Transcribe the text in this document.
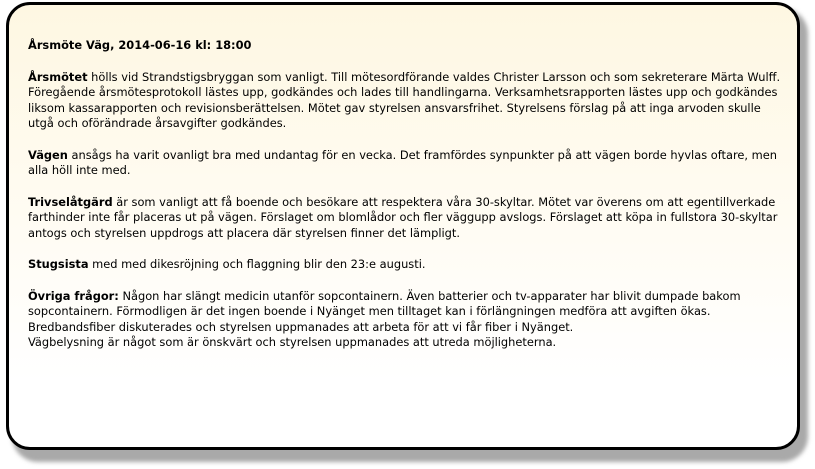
Årsmöte Väg, 2014-06-16 kl: 18:00

Årsmötet hölls vid Strandstigsbryggan som vanligt. Till mötesordförande valdes Christer Larsson och som sekreterare Märta Wulff. Föregående årsmötesprotokoll lästes upp, godkändes och lades till handlingarna. Verksamhetsrapporten lästes upp och godkändes liksom kassarapporten och revisionsberättelsen. Mötet gav styrelsen ansvarsfrihet. Styrelsens förslag på att inga arvoden skulle utgå och oförändrade årsavgifter godkändes.

Vägen ansågs ha varit ovanligt bra med undantag för en vecka. Det framfördes synpunkter på att vägen borde hyvlas oftare, men alla höll inte med.

Trivselåtgärd är som vanligt att få boende och besökare att respektera våra 30-skyltar. Mötet var överens om att egentillverkade farthinder inte får placeras ut på vägen. Förslaget om blomlådor och fler väggupp avslogs. Förslaget att köpa in fullstora 30-skyltar antogs och styrelsen uppdrogs att placera där styrelsen finner det lämpligt.

Stugsista med med dikesröjning och flaggning blir den 23:e augusti.

Övriga frågor: Någon har slängt medicin utanför sopcontainern. Även batterier och tv-apparater har blivit dumpade bakom sopcontainern. Förmodligen är det ingen boende i Nyänget men tilltaget kan i förlängningen medföra att avgiften ökas.

Bredbandsfiber diskuterades och styrelsen uppmanades att arbeta för att vi får fiber i Nyänget.
Vägbelysning är något som är önskvärt och styrelsen uppmanades att utreda möjligheterna.
